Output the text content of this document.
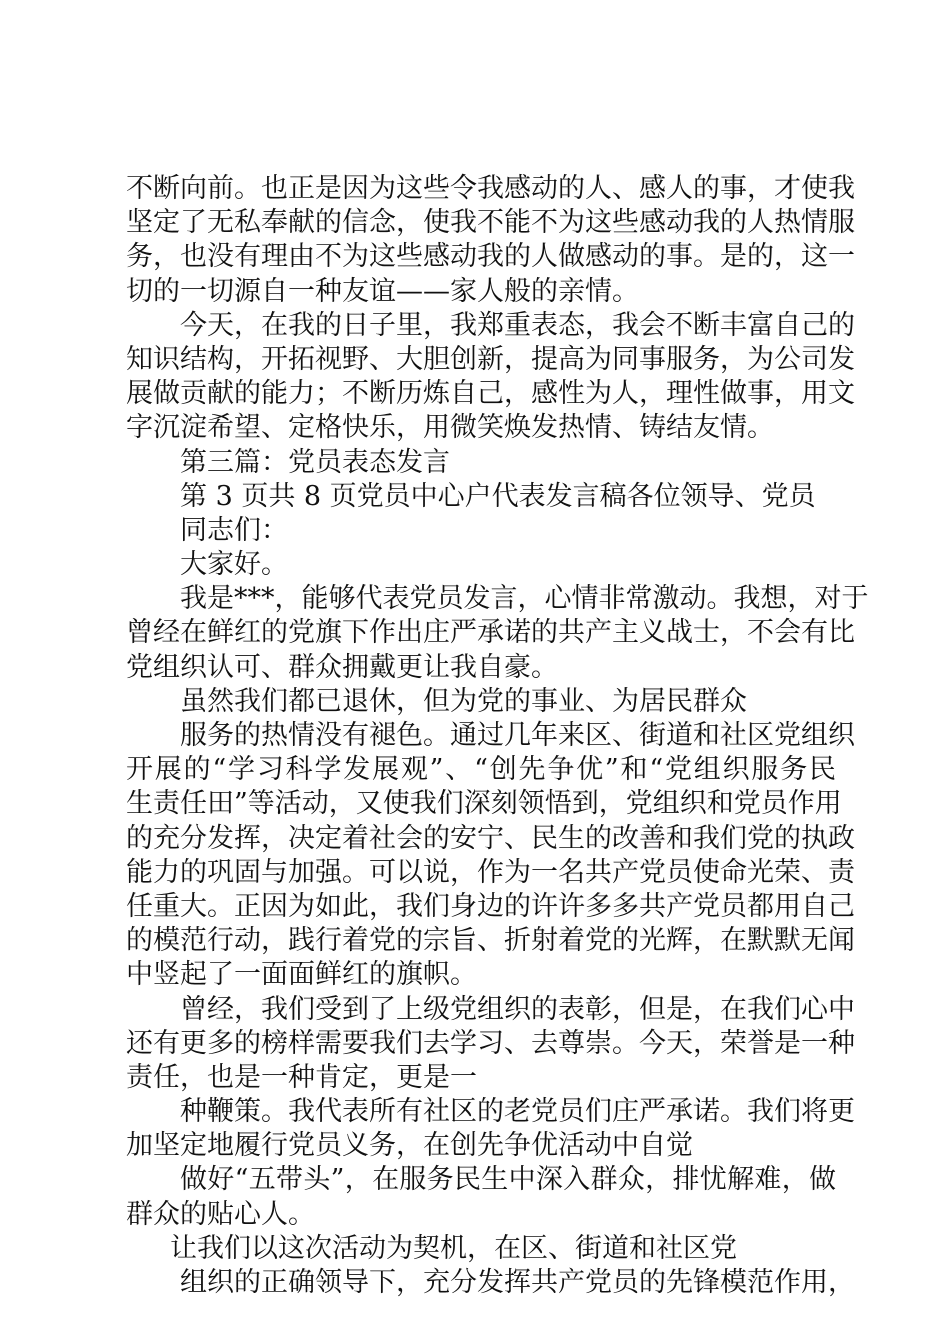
不断向前。也正是因为这些令我感动的人、感人的事，才使我
坚定了无私奉献的信念，使我不能不为这些感动我的人热情服
务，也没有理由不为这些感动我的人做感动的事。是的，这一
切的一切源自一种友谊——家人般的亲情。
今天，在我的日子里，我郑重表态，我会不断丰富自己的
知识结构，开拓视野、大胆创新，提高为同事服务，为公司发
展做贡献的能力；不断历炼自己，感性为人，理性做事，用文
字沉淀希望、定格快乐，用微笑焕发热情、铸结友情。
第三篇：党员表态发言
第 3 页共 8 页党员中心户代表发言稿各位领导、党员
同志们：
大家好。
我是***，能够代表党员发言，心情非常激动。我想，对于
曾经在鲜红的党旗下作出庄严承诺的共产主义战士，不会有比
党组织认可、群众拥戴更让我自豪。
虽然我们都已退休，但为党的事业、为居民群众
服务的热情没有褪色。通过几年来区、街道和社区党组织
开展的“学习科学发展观”、“创先争优”和“党组织服务民
生责任田”等活动，又使我们深刻领悟到，党组织和党员作用
的充分发挥，决定着社会的安宁、民生的改善和我们党的执政
能力的巩固与加强。可以说，作为一名共产党员使命光荣、责
任重大。正因为如此，我们身边的许许多多共产党员都用自己
的模范行动，践行着党的宗旨、折射着党的光辉，在默默无闻
中竖起了一面面鲜红的旗帜。
曾经，我们受到了上级党组织的表彰，但是，在我们心中
还有更多的榜样需要我们去学习、去尊崇。今天，荣誉是一种
责任，也是一种肯定，更是一
种鞭策。我代表所有社区的老党员们庄严承诺。我们将更
加坚定地履行党员义务，在创先争优活动中自觉
做好“五带头”，在服务民生中深入群众，排忧解难，做
群众的贴心人。
让我们以这次活动为契机，在区、街道和社区党
组织的正确领导下，充分发挥共产党员的先锋模范作用，
